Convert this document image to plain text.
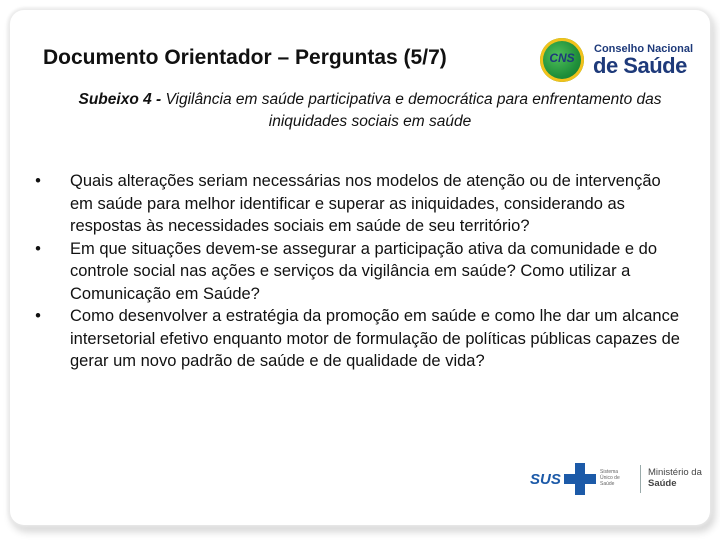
Documento Orientador – Perguntas (5/7)	CNS
Conselho Nacional
de Saúde
Subeixo 4 - Vigilância em saúde participativa e democrática para enfrentamento das iniquidades sociais em saúde
•	Quais alterações seriam necessárias nos modelos de atenção ou de intervenção em saúde para melhor identificar e superar as iniquidades, considerando as respostas às necessidades sociais em saúde de seu território?
•	Em que situações devem-se assegurar a participação ativa da comunidade e do controle social nas ações e serviços da vigilância em saúde? Como utilizar a Comunicação em Saúde?
•	Como desenvolver a estratégia da promoção em saúde e como lhe dar um alcance intersetorial efetivo enquanto motor de formulação de políticas públicas capazes de gerar um novo padrão de saúde e de qualidade de vida?
SUS	Sistema Único de Saúde
Ministério da
Saúde
